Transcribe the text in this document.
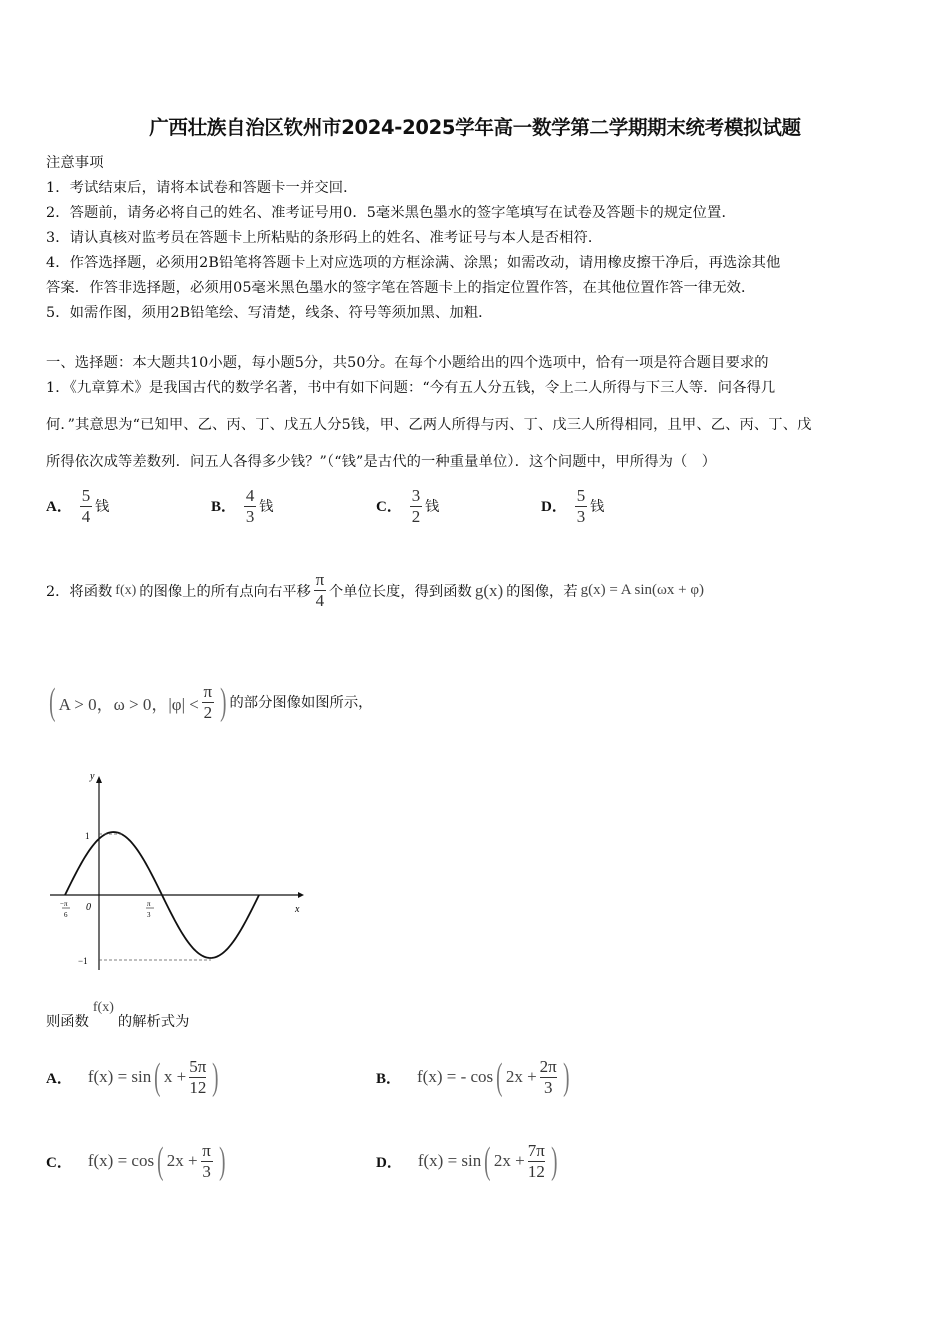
广西壮族自治区钦州市2024-2025学年高一数学第二学期期末统考模拟试题
注意事项
1．考试结束后，请将本试卷和答题卡一并交回．
2．答题前，请务必将自己的姓名、准考证号用0．5毫米黑色墨水的签字笔填写在试卷及答题卡的规定位置．
3．请认真核对监考员在答题卡上所粘贴的条形码上的姓名、准考证号与本人是否相符．
4．作答选择题，必须用2B铅笔将答题卡上对应选项的方框涂满、涂黑；如需改动，请用橡皮擦干净后，再选涂其他
答案．作答非选择题，必须用05毫米黑色墨水的签字笔在答题卡上的指定位置作答，在其他位置作答一律无效．
5．如需作图，须用2B铅笔绘、写清楚，线条、符号等须加黑、加粗．
一、选择题：本大题共10小题，每小题5分，共50分。在每个小题给出的四个选项中，恰有一项是符合题目要求的
1．《九章算术》是我国古代的数学名著，书中有如下问题：“今有五人分五钱，令上二人所得与下三人等．问各得几
何．”其意思为“已知甲、乙、丙、丁、戊五人分5钱，甲、乙两人所得与丙、丁、戊三人所得相同，且甲、乙、丙、丁、戊
所得依次成等差数列．问五人各得多少钱？”（“钱”是古代的一种重量单位）．这个问题中，甲所得为（　）
A． $\frac{5}{4}$ 钱	B． $\frac{4}{3}$ 钱	C． $\frac{3}{2}$ 钱	D． $\frac{5}{3}$ 钱
2． 将函数 f(x) 的图像上的所有点向右平移 $\frac{\pi}{4}$ 个单位长度，得到函数 g(x) 的图像，若 g(x) = A sin(ωx + φ)
( A > 0，ω > 0，$|\varphi| < \frac{\pi}{2}$ ) 的部分图像如图所示，
y
x
0
1
−1
− π
6
π
3
则函数
f(x)
的解析式为
A． f(x) = sin ( $x + \frac{5\pi}{12}$ )	B． f(x) = - cos ( $2x + \frac{2\pi}{3}$ )
C． f(x) = cos ( $2x + \frac{\pi}{3}$ )	D． f(x) = sin ( $2x + \frac{7\pi}{12}$ )
